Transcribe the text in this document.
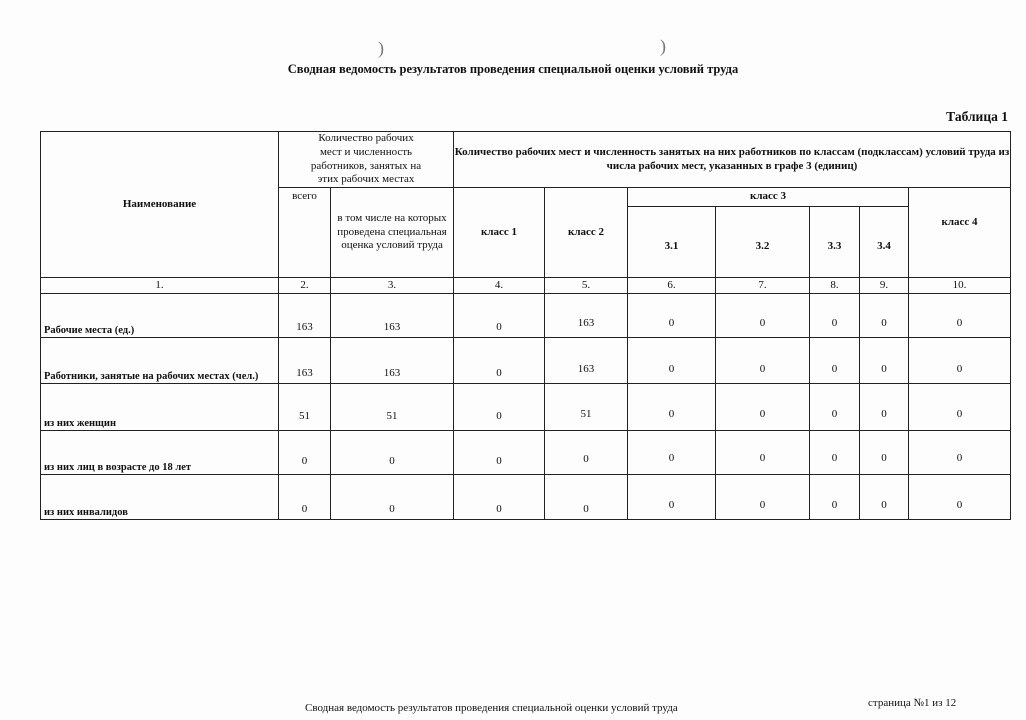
)	)
Сводная ведомость результатов проведения специальной оценки условий труда
Таблица 1
Наименование	Количество рабочих мест и численность работников, занятых на этих рабочих местах		Количество рабочих мест и численность занятых на них работников по классам (подклассам) условий труда из числа рабочих мест, указанных в графе 3 (единиц)						
	всего	в том числе на которых проведена специальная оценка условий труда	класс 1	класс 2	класс 3				класс 4
					3.1	3.2	3.3	3.4	
1.	2.	3.	4.	5.	6.	7.	8.	9.	10.
Рабочие места (ед.)	163	163	0	163	0	0	0	0	0
Работники, занятые на рабочих местах (чел.)	163	163	0	163	0	0	0	0	0
из них женщин	51	51	0	51	0	0	0	0	0
из них лиц в возрасте до 18 лет	0	0	0	0	0	0	0	0	0
из них инвалидов	0	0	0	0	0	0	0	0	0
Сводная ведомость результатов проведения специальной оценки условий труда	страница №1 из 12
